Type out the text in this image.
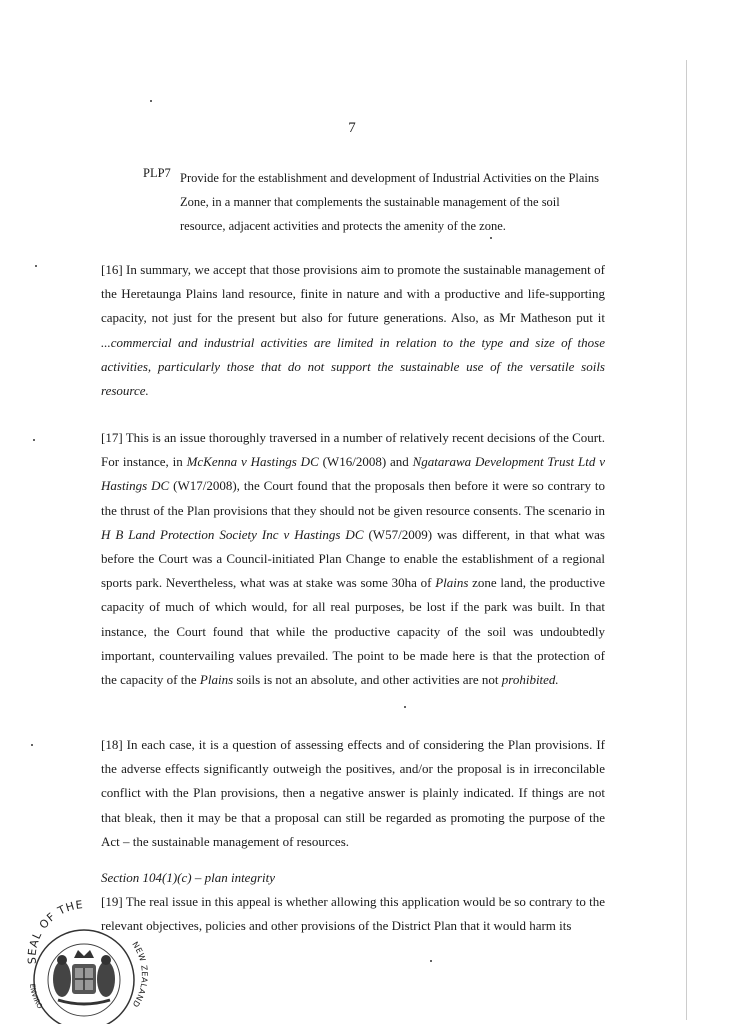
7
PLP7 Provide for the establishment and development of Industrial Activities on the Plains Zone, in a manner that complements the sustainable management of the soil resource, adjacent activities and protects the amenity of the zone.
[16] In summary, we accept that those provisions aim to promote the sustainable management of the Heretaunga Plains land resource, finite in nature and with a productive and life-supporting capacity, not just for the present but also for future generations. Also, as Mr Matheson put it ...commercial and industrial activities are limited in relation to the type and size of those activities, particularly those that do not support the sustainable use of the versatile soils resource.
[17] This is an issue thoroughly traversed in a number of relatively recent decisions of the Court. For instance, in McKenna v Hastings DC (W16/2008) and Ngatarawa Development Trust Ltd v Hastings DC (W17/2008), the Court found that the proposals then before it were so contrary to the thrust of the Plan provisions that they should not be given resource consents. The scenario in H B Land Protection Society Inc v Hastings DC (W57/2009) was different, in that what was before the Court was a Council-initiated Plan Change to enable the establishment of a regional sports park. Nevertheless, what was at stake was some 30ha of Plains zone land, the productive capacity of much of which would, for all real purposes, be lost if the park was built. In that instance, the Court found that while the productive capacity of the soil was undoubtedly important, countervailing values prevailed. The point to be made here is that the protection of the capacity of the Plains soils is not an absolute, and other activities are not prohibited.
[18] In each case, it is a question of assessing effects and of considering the Plan provisions. If the adverse effects significantly outweigh the positives, and/or the proposal is in irreconcilable conflict with the Plan provisions, then a negative answer is plainly indicated. If things are not that bleak, then it may be that a proposal can still be regarded as promoting the purpose of the Act – the sustainable management of resources.
Section 104(1)(c) – plan integrity
[19] The real issue in this appeal is whether allowing this application would be so contrary to the relevant objectives, policies and other provisions of the District Plan that it would harm its
SEAL OF THE
ENVIRO
NEW ZEALAND
